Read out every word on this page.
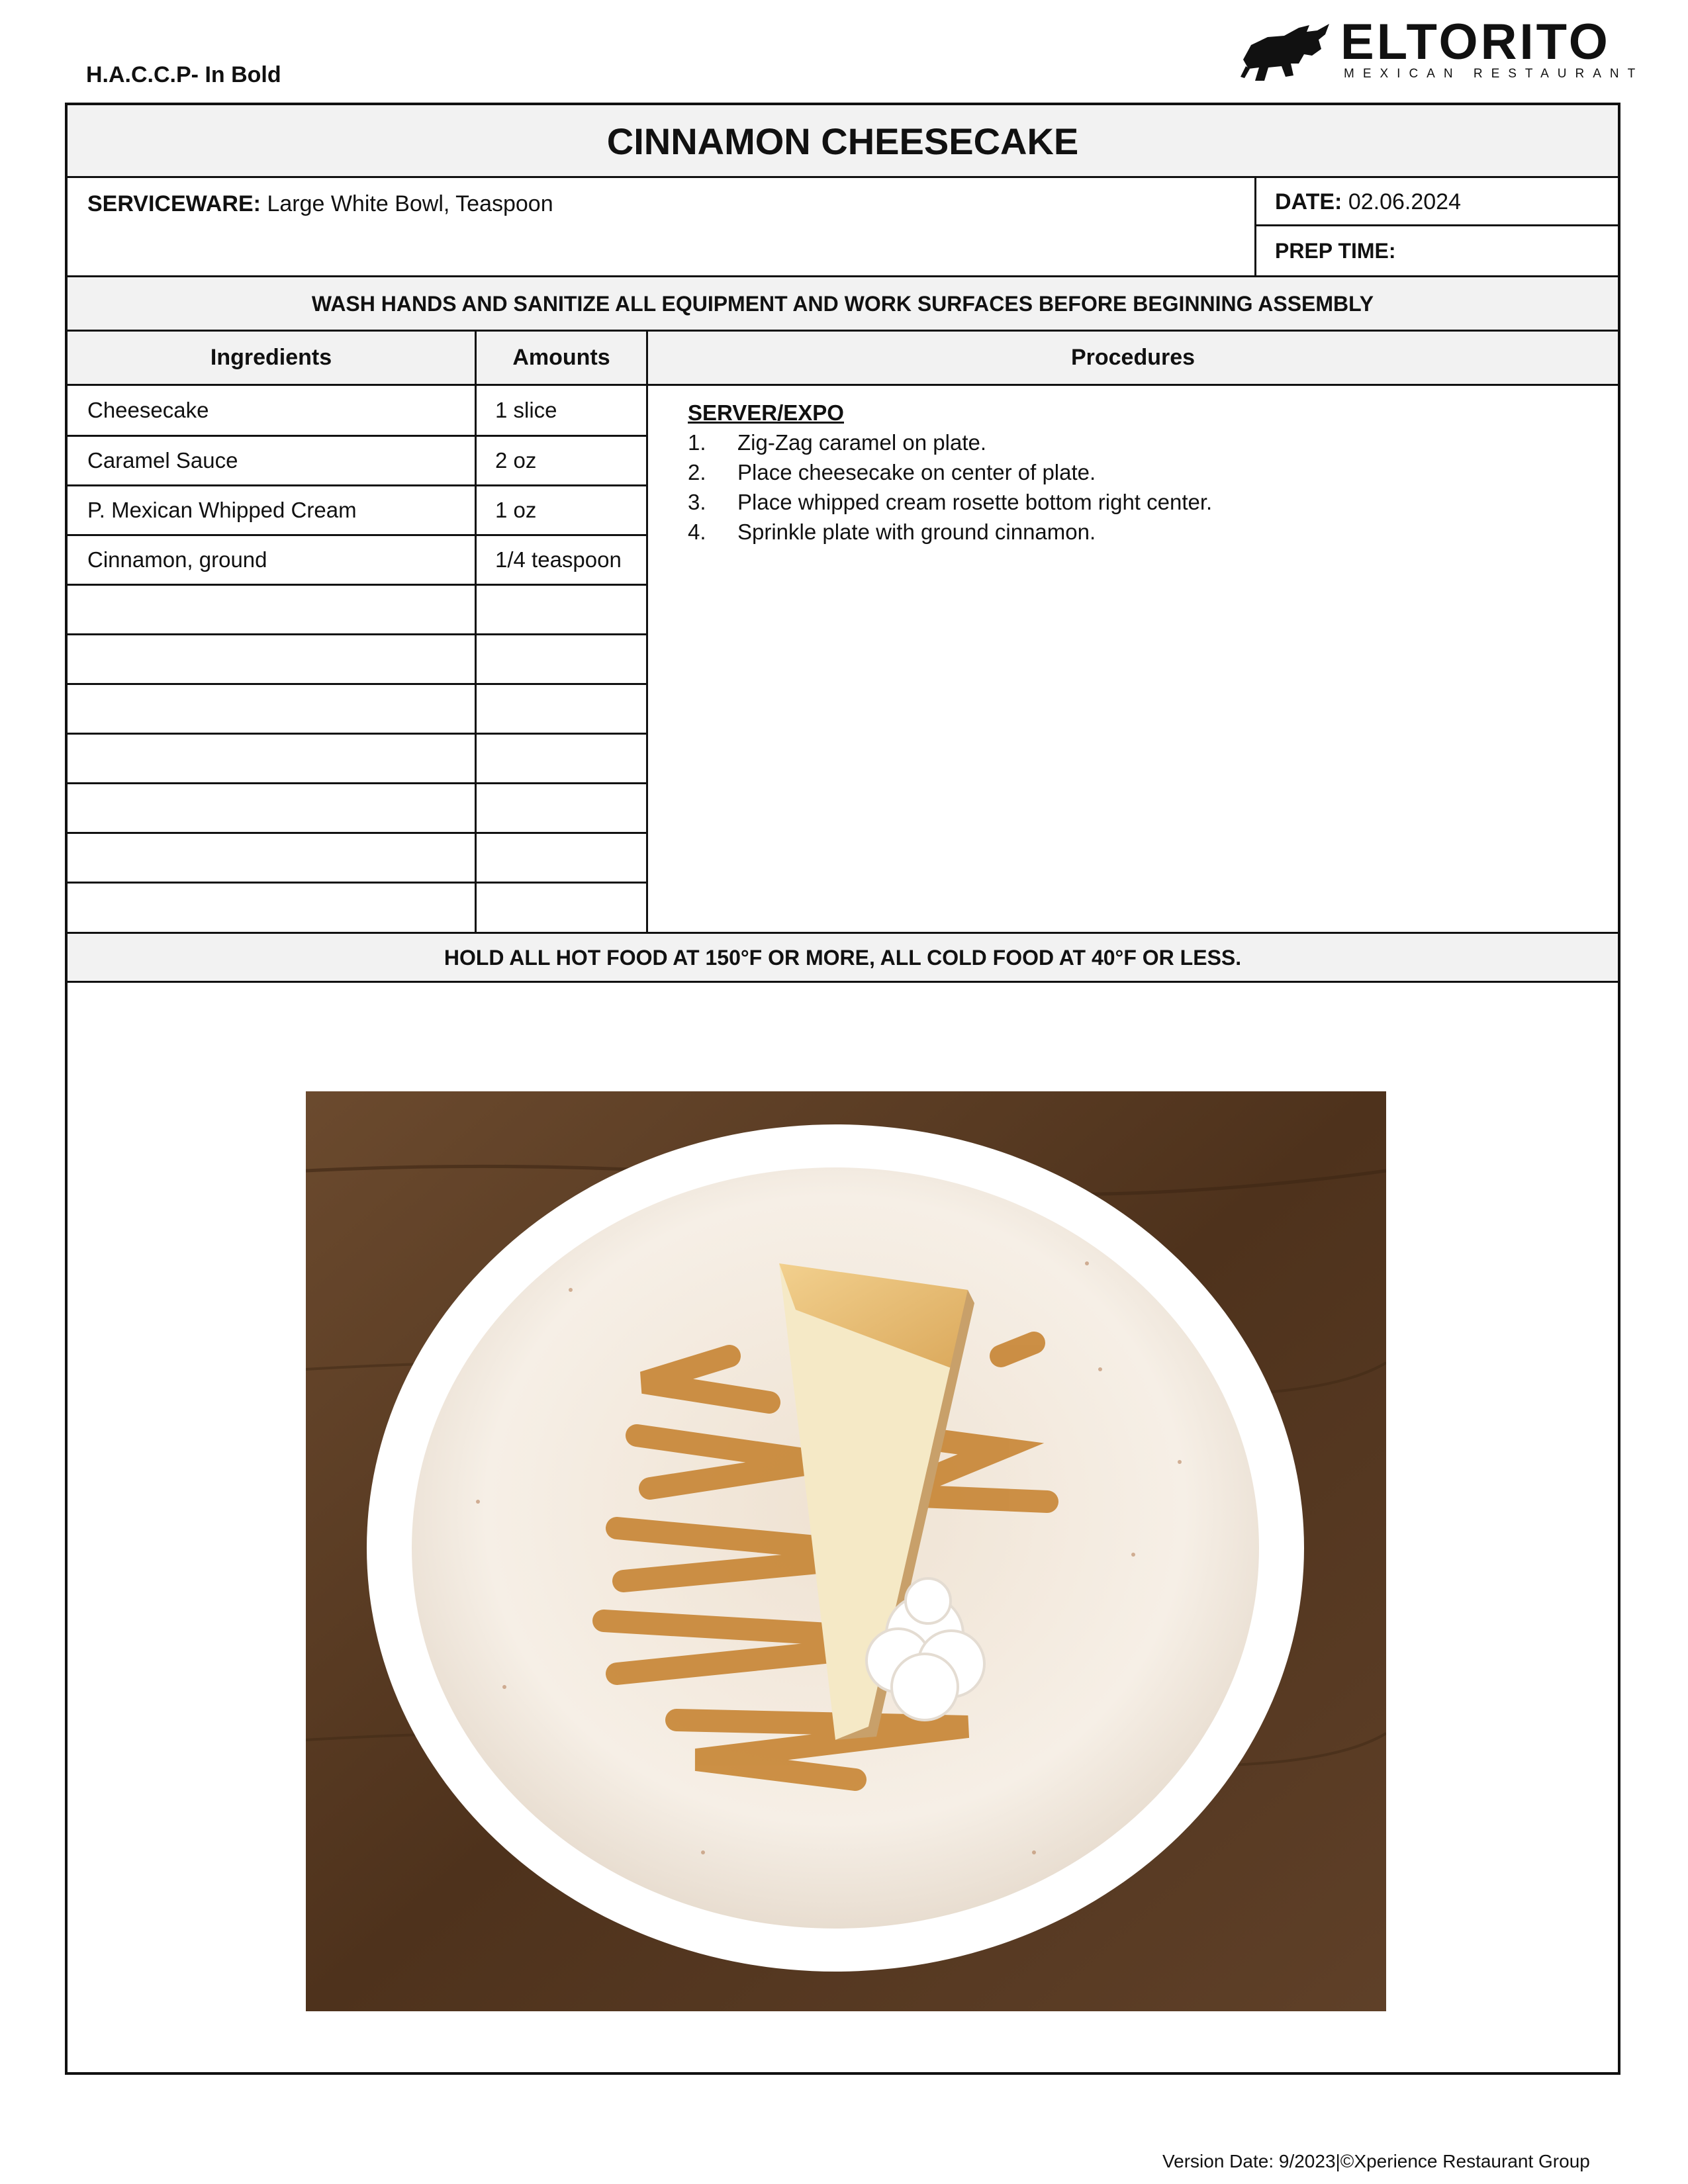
H.A.C.C.P- In Bold
ELTORITO
MEXICAN RESTAURANT
CINNAMON CHEESECAKE
SERVICEWARE: Large White Bowl, Teaspoon	DATE: 02.06.2024
PREP TIME:
WASH HANDS AND SANITIZE ALL EQUIPMENT AND WORK SURFACES BEFORE BEGINNING ASSEMBLY
Ingredients	Amounts	Procedures
Cheesecake	1 slice
Caramel Sauce	2 oz
P. Mexican Whipped Cream	1 oz
Cinnamon, ground	1/4 teaspoon

SERVER/EXPO
1.	Zig-Zag caramel on plate.
2.	Place cheesecake on center of plate.
3.	Place whipped cream rosette bottom right center.
4.	Sprinkle plate with ground cinnamon.
HOLD ALL HOT FOOD AT 150°F OR MORE, ALL COLD FOOD AT 40°F OR LESS.
Version Date: 9/2023|©Xperience Restaurant Group
